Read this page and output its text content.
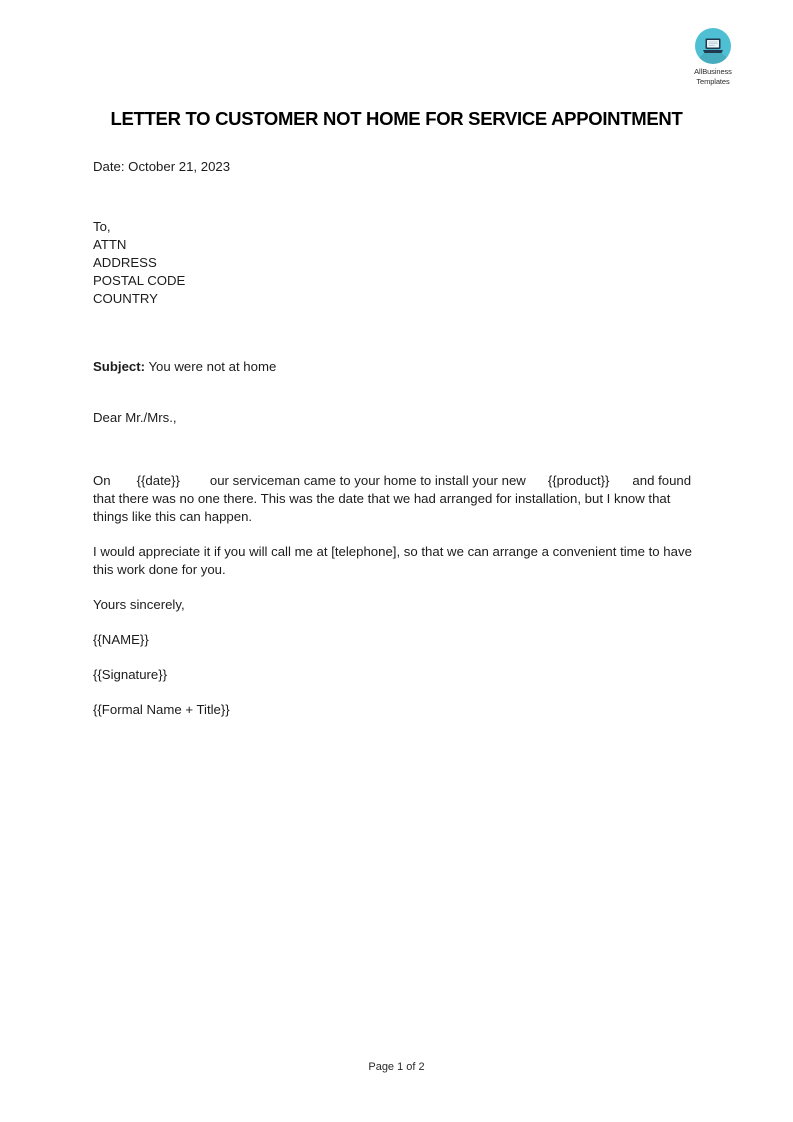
AllBusiness
Templates
LETTER TO CUSTOMER NOT HOME FOR SERVICE APPOINTMENT
Date: October 21, 2023
To,
ATTN
ADDRESS
POSTAL CODE
COUNTRY
Subject: You were not at home
Dear Mr./Mrs.,

On {{date}} our serviceman came to your home to install your new {{product}} and found that there was no one there. This was the date that we had arranged for installation, but I know that things like this can happen.

I would appreciate it if you will call me at [telephone], so that we can arrange a convenient time to have this work done for you.

Yours sincerely,

{{NAME}}

{{Signature}}

{{Formal Name + Title}}

Page 1 of 2
